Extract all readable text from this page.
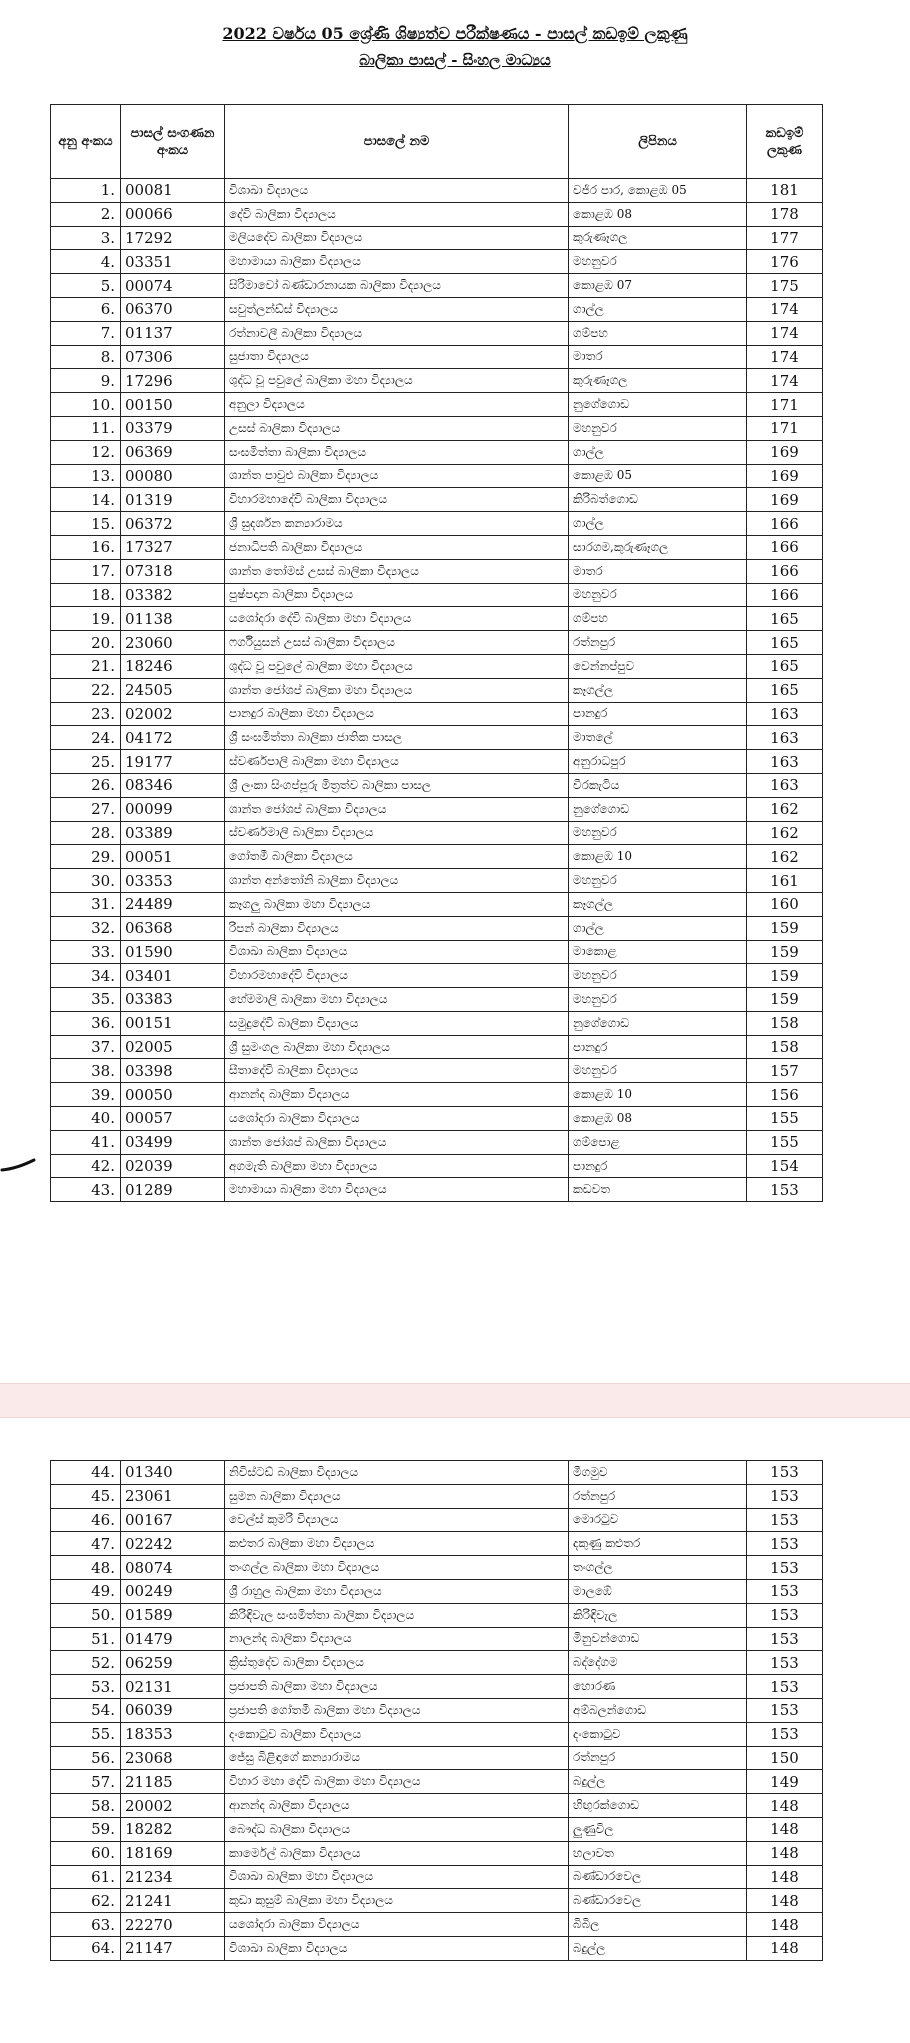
2022 වර්ෂය 05 ශ්‍රේණි ශිෂ්‍යත්ව පරීක්ෂණය - පාසල් කඩඉම් ලකුණු
බාලිකා පාසල් - සිංහල මාධ්‍යය
අනු අංකය	පාසල් සංගණන අංකය	පාසලේ නම	ලිපිනය	කඩඉම් ලකුණ
1.	00081	විශාඛා විද්‍යාලය	වජිර පාර, කොළඹ 05	181
2.	00066	දේවි බාලිකා විද්‍යාලය	කොළඹ 08	178
3.	17292	මලියදේව බාලිකා විද්‍යාලය	කුරුණෑගල	177
4.	03351	මහාමායා බාලිකා විද්‍යාලය	මහනුවර	176
5.	00074	සිරිමාවෝ බණ්ඩාරනායක බාලිකා විද්‍යාලය	කොළඹ 07	175
6.	06370	සවුත්ලන්ඩ්ස් විද්‍යාලය	ගාල්ල	174
7.	01137	රත්නාවලී බාලිකා විද්‍යාලය	ගම්පහ	174
8.	07306	සුජාතා විද්‍යාලය	මාතර	174
9.	17296	ශුද්ධ වූ පවුලේ බාලිකා මහා විද්‍යාලය	කුරුණෑගල	174
10.	00150	අනුලා විද්‍යාලය	නුගේගොඩ	171
11.	03379	උසස් බාලිකා විද්‍යාලය	මහනුවර	171
12.	06369	සංඝමිත්තා බාලිකා විද්‍යාලය	ගාල්ල	169
13.	00080	ශාන්ත පාවුළු බාලිකා විද්‍යාලය	කොළඹ 05	169
14.	01319	විහාරමහාදේවි බාලිකා විද්‍යාලය	කිරිබත්ගොඩ	169
15.	06372	ශ්‍රී සුදර්ශන කන්‍යාරාමය	ගාල්ල	166
16.	17327	ජනාධිපති බාලිකා විද්‍යාලය	සාරගම,කුරුණෑගල	166
17.	07318	ශාන්ත තෝමස් උසස් බාලිකා විද්‍යාලය	මාතර	166
18.	03382	පුෂ්පදාන බාලිකා විද්‍යාලය	මහනුවර	166
19.	01138	යශෝදරා දේවි බාලිකා මහා විද්‍යාලය	ගම්පහ	165
20.	23060	ෆර්ගියුසන් උසස් බාලිකා විද්‍යාලය	රත්නපුර	165
21.	18246	ශුද්ධ වූ පවුලේ බාලිකා මහා විද්‍යාලය	වෙන්නප්පුව	165
22.	24505	ශාන්ත ජෝශප් බාලිකා මහා විද්‍යාලය	කෑගල්ල	165
23.	02002	පානදුර බාලිකා මහා විද්‍යාලය	පානදුර	163
24.	04172	ශ්‍රී සංඝමිත්තා බාලිකා ජාතික පාසල	මාතලේ	163
25.	19177	ස්වර්ණපාලි බාලිකා මහා විද්‍යාලය	අනුරාධපුර	163
26.	08346	ශ්‍රී ලංකා සිංගප්පූරු මිත්‍රත්ව බාලිකා පාසල	වීරකැටිය	163
27.	00099	ශාන්ත ජෝශප් බාලිකා විද්‍යාලය	නුගේගොඩ	162
28.	03389	ස්වර්ණමාලි බාලිකා විද්‍යාලය	මහනුවර	162
29.	00051	ගෝතමී බාලිකා විද්‍යාලය	කොළඹ 10	162
30.	03353	ශාන්ත අන්තෝනි බාලිකා විද්‍යාලය	මහනුවර	161
31.	24489	කෑගලු බාලිකා මහා විද්‍යාලය	කෑගල්ල	160
32.	06368	රිපන් බාලිකා විද්‍යාලය	ගාල්ල	159
33.	01590	විශාඛා බාලිකා විද්‍යාලය	මාකොළ	159
34.	03401	විහාරමහාදේවි විද්‍යාලය	මහනුවර	159
35.	03383	හේමමාලි බාලිකා මහා විද්‍යාලය	මහනුවර	159
36.	00151	සමුදුදේවි බාලිකා විද්‍යාලය	නුගේගොඩ	158
37.	02005	ශ්‍රී සුමංගල බාලිකා මහා විද්‍යාලය	පානදුර	158
38.	03398	සීතාදේවි බාලිකා විද්‍යාලය	මහනුවර	157
39.	00050	ආනන්ද බාලිකා විද්‍යාලය	කොළඹ 10	156
40.	00057	යශෝදරා බාලිකා විද්‍යාලය	කොළඹ 08	155
41.	03499	ශාන්ත ජෝශප් බාලිකා විද්‍යාලය	ගම්පොළ	155
42.	02039	අගමැති බාලිකා මහා විද්‍යාලය	පානදුර	154
43.	01289	මහාමායා බාලිකා මහා විද්‍යාලය	කඩවත	153
44.	01340	නිවිස්ටඩ් බාලිකා විද්‍යාලය	මීගමුව	153
45.	23061	සුමන බාලිකා විද්‍යාලය	රත්නපුර	153
46.	00167	වෙල්ස් කුමරි විද්‍යාලය	මොරටුව	153
47.	02242	කළුතර බාලිකා මහා විද්‍යාලය	දකුණු කළුතර	153
48.	08074	තංගල්ල බාලිකා මහා විද්‍යාලය	තංගල්ල	153
49.	00249	ශ්‍රී රාහුල බාලිකා මහා විද්‍යාලය	මාලඹේ	153
50.	01589	කිරිඳිවැල සංඝමිත්තා බාලිකා විද්‍යාලය	කිරිඳිවැල	153
51.	01479	නාලන්ද බාලිකා විද්‍යාලය	මිනුවන්ගොඩ	153
52.	06259	ක්‍රිස්තුදේව බාලිකා විද්‍යාලය	බද්දේගම	153
53.	02131	ප්‍රජාපති බාලිකා මහා විද්‍යාලය	හොරණ	153
54.	06039	ප්‍රජාපති ගෝතමී බාලිකා මහා විද්‍යාලය	අම්බලන්ගොඩ	153
55.	18353	දංකොටුව බාලිකා විද්‍යාලය	දංකොටුව	153
56.	23068	ජේසු බිළිඳාගේ කන්‍යාරාමය	රත්නපුර	150
57.	21185	විහාර මහා දේවි බාලිකා මහා විද්‍යාලය	බදුල්ල	149
58.	20002	ආනන්ද බාලිකා විද්‍යාලය	හිඟුරක්ගොඩ	148
59.	18282	බෞද්ධ බාලිකා විද්‍යාලය	ලුණුවිල	148
60.	18169	කාර්මෙල් බාලිකා විද්‍යාලය	හලාවත	148
61.	21234	විශාඛා බාලිකා මහා විද්‍යාලය	බණ්ඩාරවෙල	148
62.	21241	කුඩා කුසුම් බාලිකා මහා විද්‍යාලය	බණ්ඩාරවෙල	148
63.	22270	යශෝදරා බාලිකා විද්‍යාලය	බිබිල	148
64.	21147	විශාඛා බාලිකා විද්‍යාලය	බදුල්ල	148
